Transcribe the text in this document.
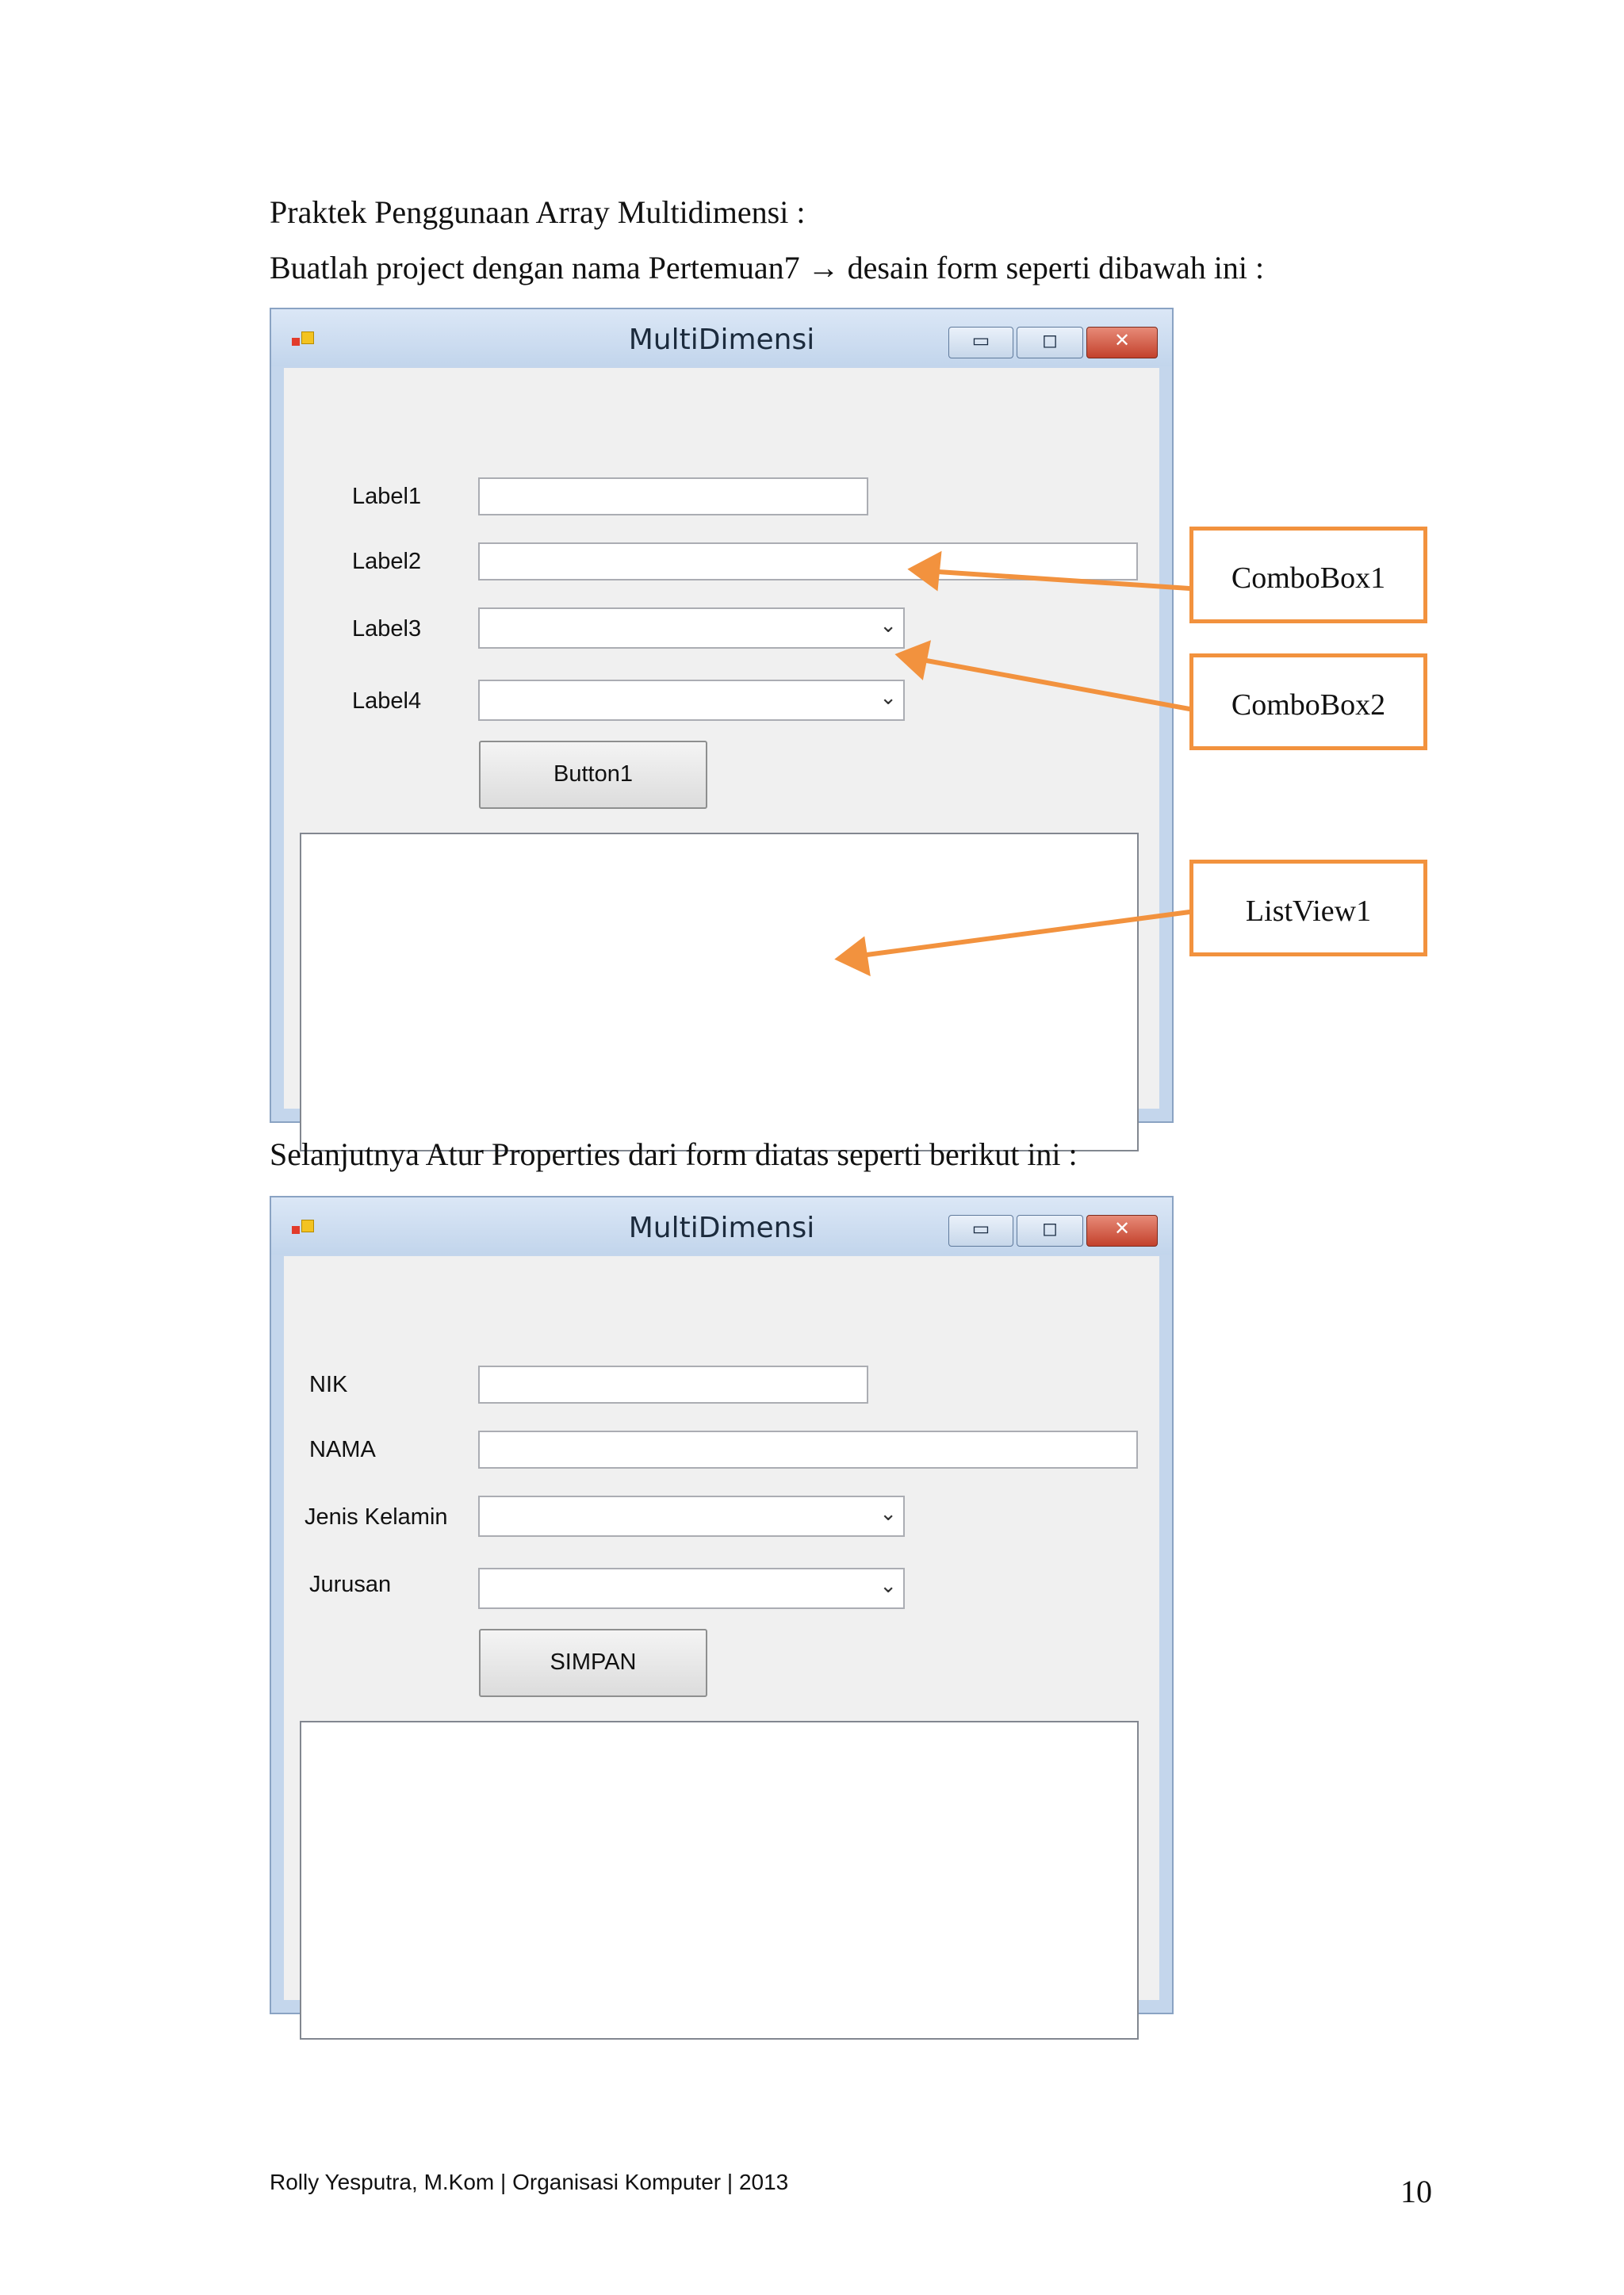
Praktek Penggunaan Array Multidimensi :
Buatlah project dengan nama Pertemuan7 → desain form seperti dibawah ini :
MultiDimensi	▭	◻	✕
Label1
Label2
Label3	⌄
Label4	⌄
Button1
ComboBox1
ComboBox2
ListView1
Selanjutnya Atur Properties dari form diatas seperti berikut ini :
MultiDimensi	▭	◻	✕
NIK
NAMA
Jenis Kelamin	⌄
Jurusan	⌄
SIMPAN
Rolly Yesputra, M.Kom | Organisasi Komputer | 2013	10
